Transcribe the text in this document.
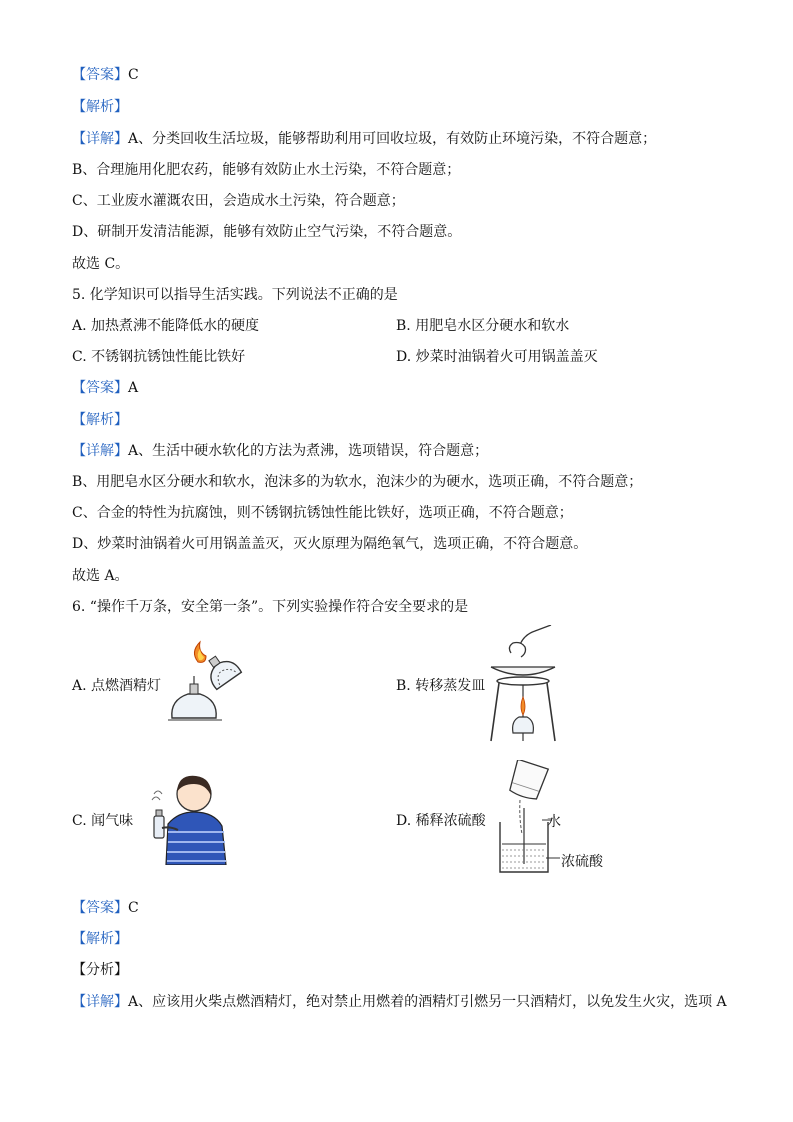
【答案】C
【解析】
【详解】A、分类回收生活垃圾，能够帮助利用可回收垃圾，有效防止环境污染，不符合题意；
B、合理施用化肥农药，能够有效防止水土污染，不符合题意；
C、工业废水灌溉农田，会造成水土污染，符合题意；
D、研制开发清洁能源，能够有效防止空气污染，不符合题意。
故选 C。
5. 化学知识可以指导生活实践。下列说法不正确的是
A. 加热煮沸不能降低水的硬度	B. 用肥皂水区分硬水和软水
C. 不锈钢抗锈蚀性能比铁好	D. 炒菜时油锅着火可用锅盖盖灭
【答案】A
【解析】
【详解】A、生活中硬水软化的方法为煮沸，选项错误，符合题意；
B、用肥皂水区分硬水和软水，泡沫多的为软水，泡沫少的为硬水，选项正确，不符合题意；
C、合金的特性为抗腐蚀，则不锈钢抗锈蚀性能比铁好，选项正确，不符合题意；
D、炒菜时油锅着火可用锅盖盖灭，灭火原理为隔绝氧气，选项正确，不符合题意。
故选 A。
6. “操作千万条，安全第一条”。下列实验操作符合安全要求的是
A. 点燃酒精灯	B. 转移蒸发皿
C. 闻气味	D. 稀释浓硫酸	水
浓硫酸
【答案】C
【解析】
【分析】
【详解】A、应该用火柴点燃酒精灯，绝对禁止用燃着的酒精灯引燃另一只酒精灯，以免发生火灾，选项 A
